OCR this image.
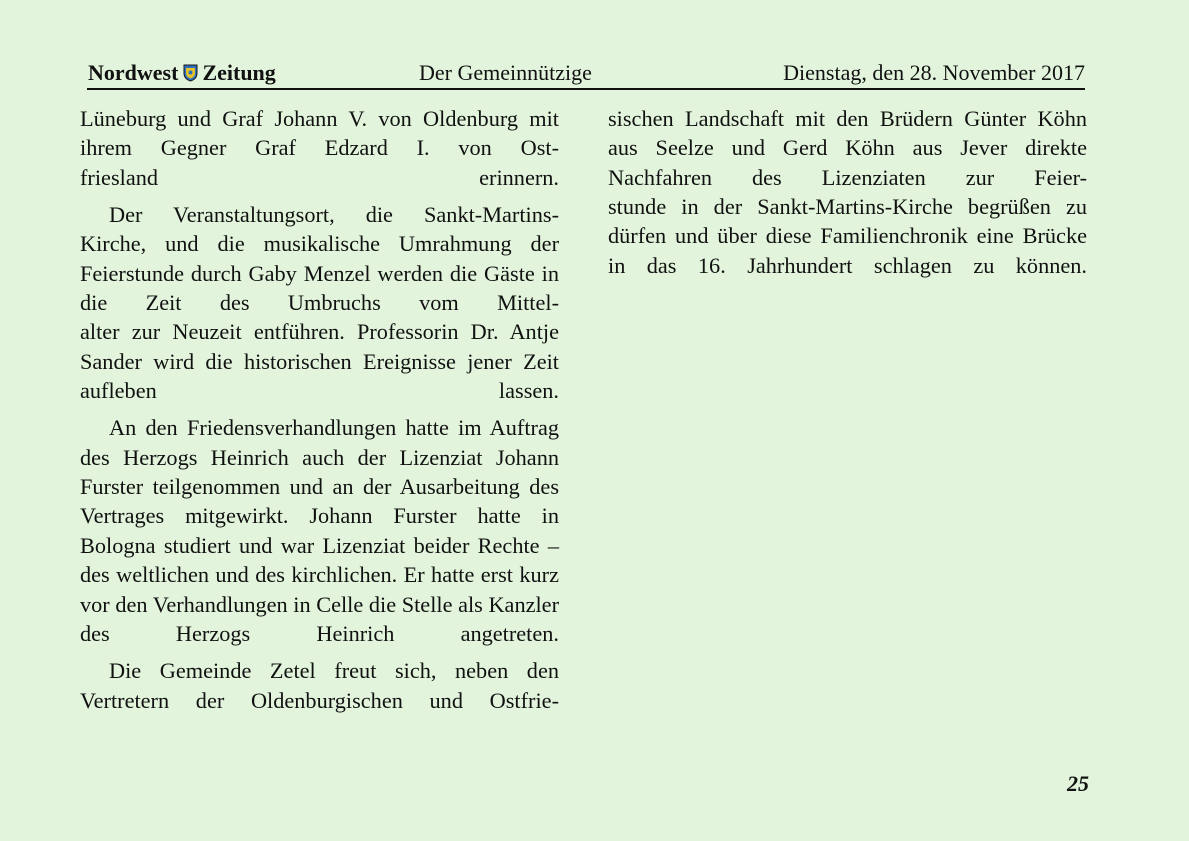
Nordwest Zeitung	Der Gemeinnützige	Dienstag, den 28. November 2017

Lüneburg und Graf Johann V. von Oldenburg mit ihrem Gegner Graf Edzard I. von Ost-
friesland erinnern.

Der Veranstaltungsort, die Sankt-Martins-
Kirche, und die musikalische Umrahmung der Feierstunde durch Gaby Menzel werden die Gäste in die Zeit des Umbruchs vom Mittel-
alter zur Neuzeit entführen. Professorin Dr. Antje Sander wird die historischen Ereignisse jener Zeit aufleben lassen.

An den Friedensverhandlungen hatte im Auftrag des Herzogs Heinrich auch der Lizenziat Johann Furster teilgenommen und an der Ausarbeitung des Vertrages mitgewirkt. Johann Furster hatte in Bologna studiert und war Lizenziat beider Rechte – des weltlichen und des kirchlichen. Er hatte erst kurz vor den Verhandlungen in Celle die Stelle als Kanzler des Herzogs Heinrich angetreten.

Die Gemeinde Zetel freut sich, neben den Vertretern der Oldenburgischen und Ostfrie-

sischen Landschaft mit den Brüdern Günter Köhn aus Seelze und Gerd Köhn aus Jever direkte Nachfahren des Lizenziaten zur Feier-
stunde in der Sankt-Martins-Kirche begrüßen zu dürfen und über diese Familienchronik eine Brücke in das 16. Jahrhundert schlagen zu können.

25
